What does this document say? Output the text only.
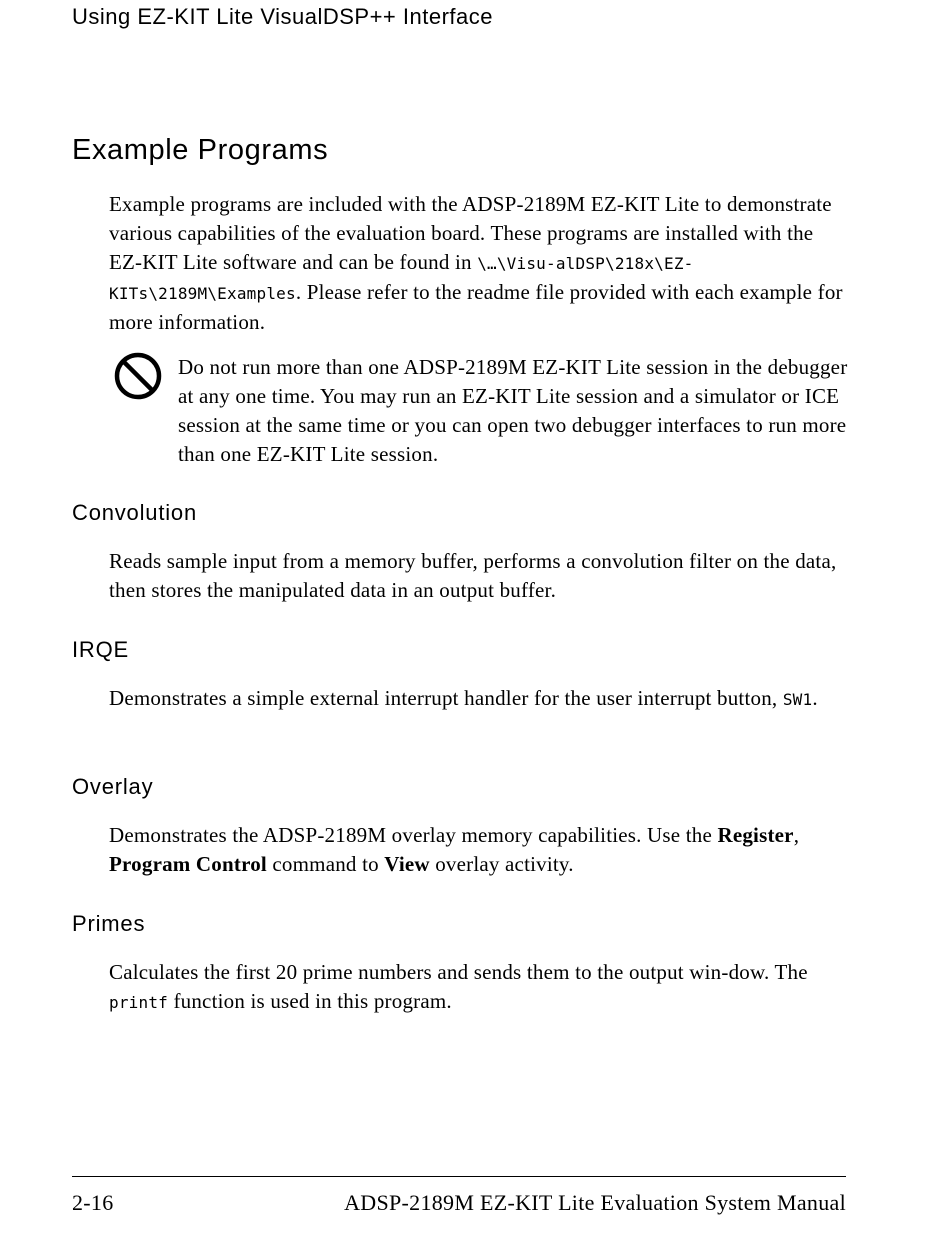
Using EZ-KIT Lite VisualDSP++ Interface
Example Programs

Example programs are included with the ADSP-2189M EZ-KIT Lite to demonstrate various capabilities of the evaluation board. These programs are installed with the EZ-KIT Lite software and can be found in \…\Visu-alDSP\218x\EZ-KITs\2189M\Examples. Please refer to the readme file provided with each example for more information.

Do not run more than one ADSP-2189M EZ-KIT Lite session in the debugger at any one time. You may run an EZ-KIT Lite session and a simulator or ICE session at the same time or you can open two debugger interfaces to run more than one EZ-KIT Lite session.

Convolution

Reads sample input from a memory buffer, performs a convolution filter on the data, then stores the manipulated data in an output buffer.

IRQE

Demonstrates a simple external interrupt handler for the user interrupt button, SW1.

Overlay

Demonstrates the ADSP-2189M overlay memory capabilities. Use the Register, Program Control command to View overlay activity.

Primes

Calculates the first 20 prime numbers and sends them to the output win-dow. The printf function is used in this program.

2-16	ADSP-2189M EZ-KIT Lite Evaluation System Manual
